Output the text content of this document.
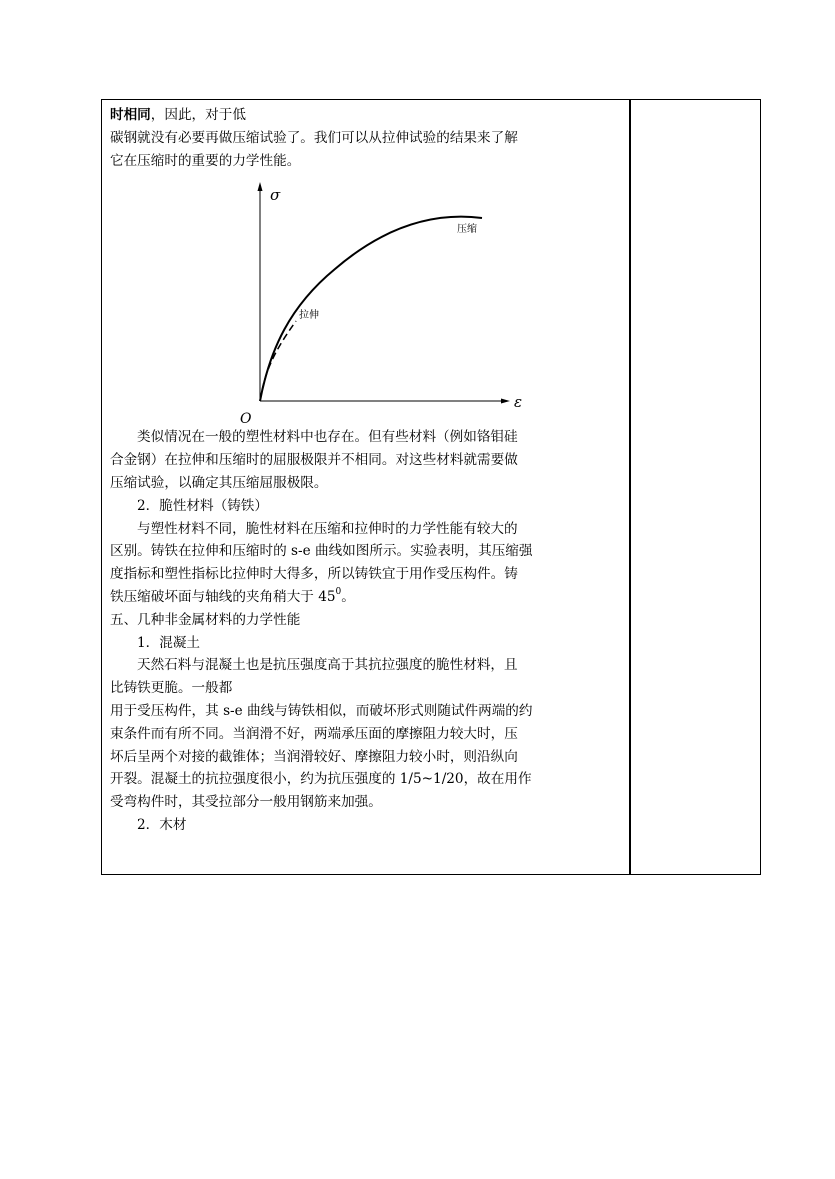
时相同，因此，对于低
碳钢就没有必要再做压缩试验了。我们可以从拉伸试验的结果来了解
它在压缩时的重要的力学性能。
σ
ε
O
压缩
拉伸
类似情况在一般的塑性材料中也存在。但有些材料（例如铬钼硅
合金钢）在拉伸和压缩时的屈服极限并不相同。对这些材料就需要做
压缩试验，以确定其压缩屈服极限。
2．脆性材料（铸铁）
与塑性材料不同，脆性材料在压缩和拉伸时的力学性能有较大的
区别。铸铁在拉伸和压缩时的 s-e 曲线如图所示。实验表明，其压缩强
度指标和塑性指标比拉伸时大得多，所以铸铁宜于用作受压构件。铸
铁压缩破坏面与轴线的夹角稍大于 $45^0$。
五、几种非金属材料的力学性能
1．混凝土
天然石料与混凝土也是抗压强度高于其抗拉强度的脆性材料，且
比铸铁更脆。一般都
用于受压构件，其 s-e 曲线与铸铁相似，而破坏形式则随试件两端的约
束条件而有所不同。当润滑不好，两端承压面的摩擦阻力较大时，压
坏后呈两个对接的截锥体；当润滑较好、摩擦阻力较小时，则沿纵向
开裂。混凝土的抗拉强度很小，约为抗压强度的 1/5~1/20，故在用作
受弯构件时，其受拉部分一般用钢筋来加强。
2．木材
